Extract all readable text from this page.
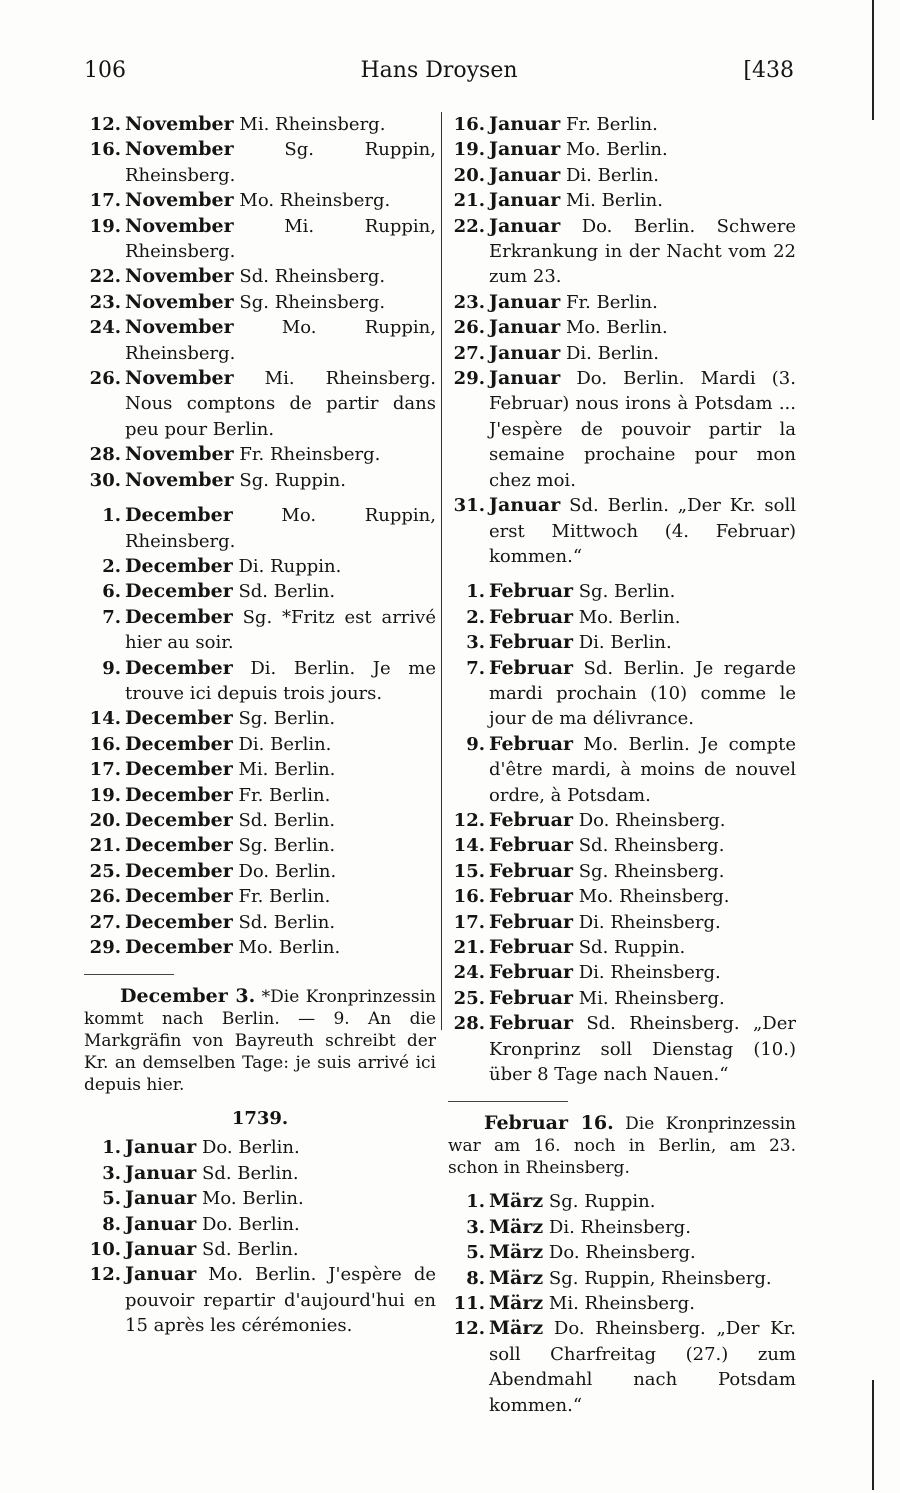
106	Hans Droysen	[438
12. November Mi. Rheinsberg.
16. November	Sg. Ruppin, Rheinsberg.
17. November Mo. Rheinsberg.
19. November	Mi. Ruppin, Rheinsberg.
22. November Sd. Rheinsberg.
23. November Sg. Rheinsberg.
24. November	Mo. Ruppin, Rheinsberg.
26. November Mi. Rheinsberg. Nous comptons de partir dans peu pour Berlin.
28. November Fr. Rheinsberg.
30. November Sg. Ruppin.
1. December	Mo. Ruppin, Rheinsberg.
2. December Di. Ruppin.
6. December Sd. Berlin.
7. December Sg. *Fritz est arrivé hier au soir.
9. December Di. Berlin. Je me trouve ici depuis trois jours.
14. December Sg. Berlin.
16. December Di. Berlin.
17. December Mi. Berlin.
19. December Fr. Berlin.
20. December Sd. Berlin.
21. December Sg. Berlin.
25. December Do. Berlin.
26. December Fr. Berlin.
27. December Sd. Berlin.
29. December Mo. Berlin.
December 3. *Die Kronprinzessin kommt nach Berlin. — 9. An die Markgräfin von Bayreuth schreibt der Kr. an demselben Tage: je suis arrivé ici depuis hier.
1739.
1. Januar Do. Berlin.
3. Januar Sd. Berlin.
5. Januar Mo. Berlin.
8. Januar Do. Berlin.
10. Januar Sd. Berlin.
12. Januar Mo. Berlin. J'espère de pouvoir repartir d'aujourd'hui en 15 après les cérémonies.
16. Januar Fr. Berlin.
19. Januar Mo. Berlin.
20. Januar Di. Berlin.
21. Januar Mi. Berlin.
22. Januar Do. Berlin. Schwere Erkrankung in der Nacht vom 22 zum 23.
23. Januar Fr. Berlin.
26. Januar Mo. Berlin.
27. Januar Di. Berlin.
29. Januar Do. Berlin. Mardi (3. Februar) nous irons à Potsdam ... J'espère de pouvoir partir la semaine prochaine pour mon chez moi.
31. Januar Sd. Berlin. „Der Kr. soll erst Mittwoch (4. Februar) kommen.“
1. Februar Sg. Berlin.
2. Februar Mo. Berlin.
3. Februar Di. Berlin.
7. Februar Sd. Berlin. Je regarde mardi prochain (10) comme le jour de ma délivrance.
9. Februar Mo. Berlin. Je compte d'être mardi, à moins de nouvel ordre, à Potsdam.
12. Februar Do. Rheinsberg.
14. Februar Sd. Rheinsberg.
15. Februar Sg. Rheinsberg.
16. Februar Mo. Rheinsberg.
17. Februar Di. Rheinsberg.
21. Februar Sd. Ruppin.
24. Februar Di. Rheinsberg.
25. Februar Mi. Rheinsberg.
28. Februar Sd. Rheinsberg. „Der Kronprinz soll Dienstag (10.) über 8 Tage nach Nauen.“
Februar 16. Die Kronprinzessin war am 16. noch in Berlin, am 23. schon in Rheinsberg.
1. März Sg. Ruppin.
3. März Di. Rheinsberg.
5. März Do. Rheinsberg.
8. März Sg. Ruppin, Rheinsberg.
11. März Mi. Rheinsberg.
12. März Do. Rheinsberg. „Der Kr. soll Charfreitag (27.) zum Abendmahl nach Potsdam kommen.“
